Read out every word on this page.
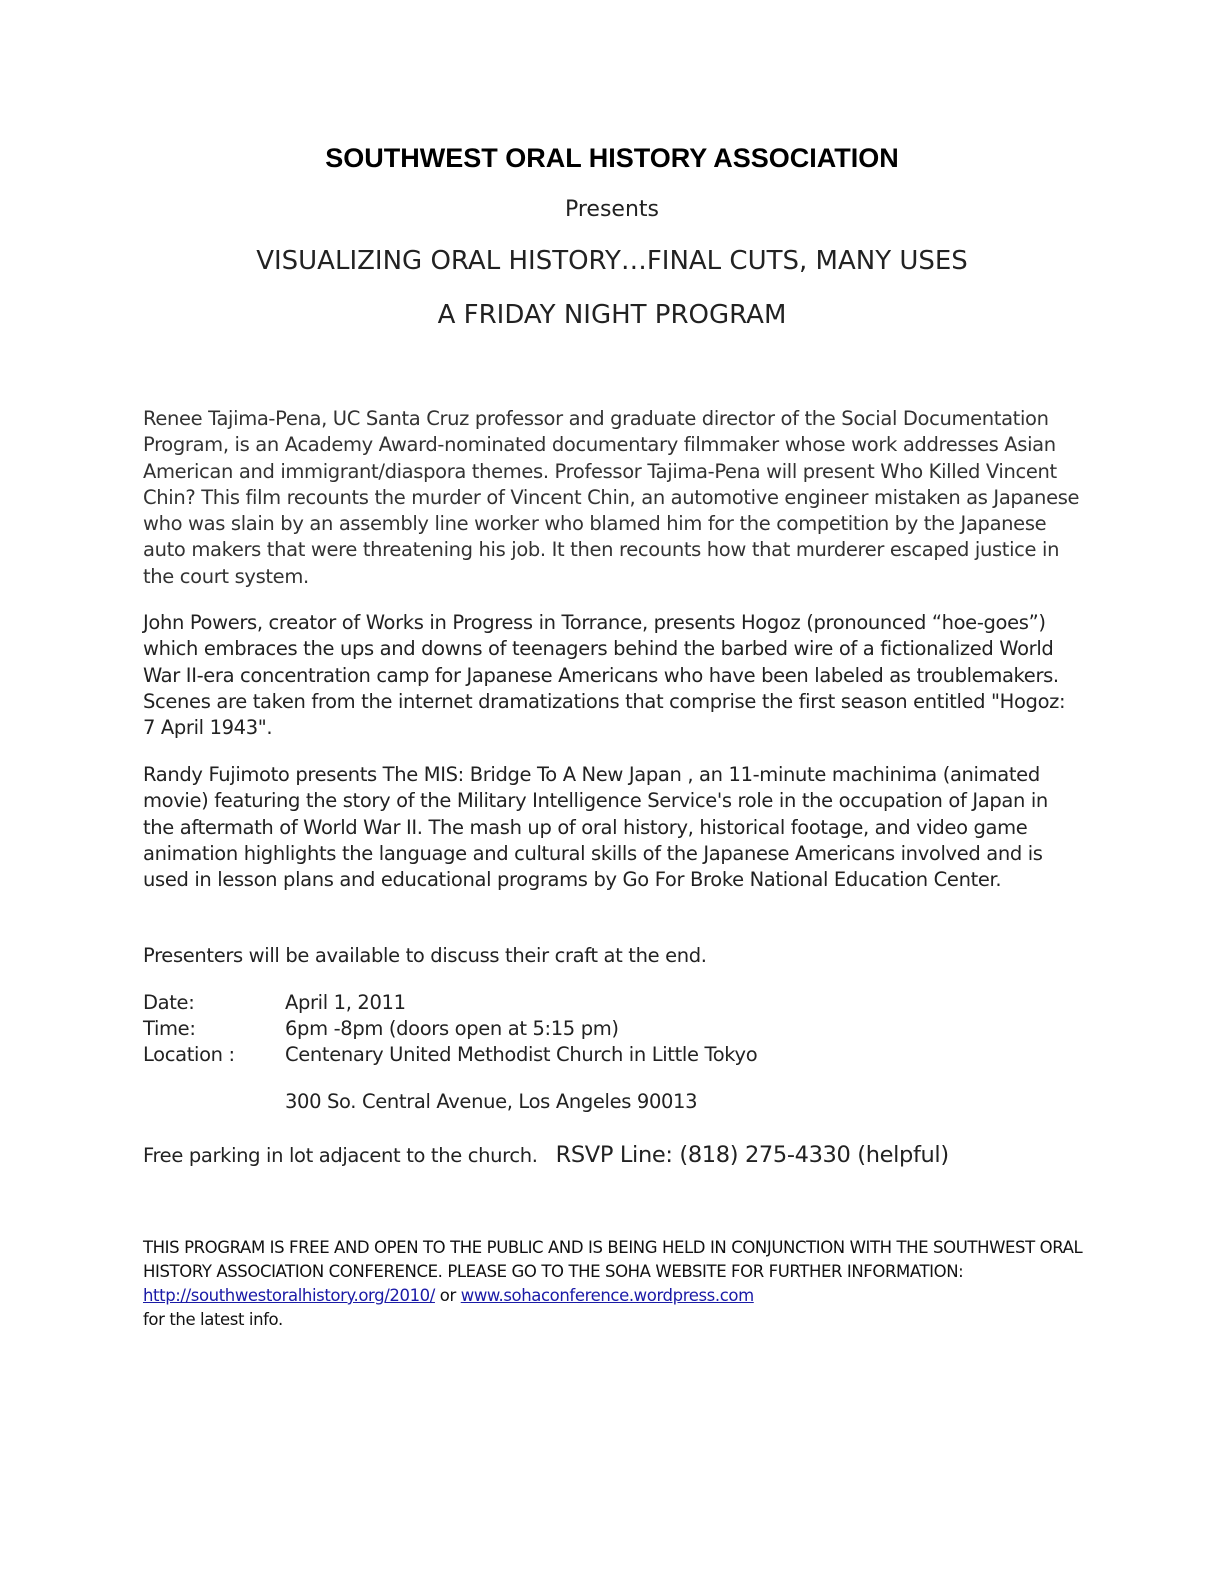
SOUTHWEST ORAL HISTORY ASSOCIATION
Presents
VISUALIZING ORAL HISTORY…FINAL CUTS, MANY USES
A FRIDAY NIGHT PROGRAM

Renee Tajima-Pena, UC Santa Cruz professor and graduate director of the Social Documentation Program, is an Academy Award-nominated documentary filmmaker whose work addresses Asian American and immigrant/diaspora themes. Professor Tajima-Pena will present Who Killed Vincent Chin? This film recounts the murder of Vincent Chin, an automotive engineer mistaken as Japanese who was slain by an assembly line worker who blamed him for the competition by the Japanese auto makers that were threatening his job. It then recounts how that murderer escaped justice in the court system.

John Powers, creator of Works in Progress in Torrance, presents Hogoz (pronounced “hoe-goes”) which embraces the ups and downs of teenagers behind the barbed wire of a fictionalized World War II-era concentration camp for Japanese Americans who have been labeled as troublemakers. Scenes are taken from the internet dramatizations that comprise the first season entitled "Hogoz: 7 April 1943".

Randy Fujimoto presents The MIS: Bridge To A New Japan , an 11-minute machinima (animated movie) featuring the story of the Military Intelligence Service's role in the occupation of Japan in the aftermath of World War II. The mash up of oral history, historical footage, and video game animation highlights the language and cultural skills of the Japanese Americans involved and is used in lesson plans and educational programs by Go For Broke National Education Center.

Presenters will be available to discuss their craft at the end.

Date:	April 1, 2011
Time:	6pm -8pm (doors open at 5:15 pm)
Location :	Centenary United Methodist Church in Little Tokyo
300 So. Central Avenue, Los Angeles 90013
Free parking in lot adjacent to the church. RSVP Line: (818) 275-4330 (helpful)

THIS PROGRAM IS FREE AND OPEN TO THE PUBLIC AND IS BEING HELD IN CONJUNCTION WITH THE SOUTHWEST ORAL HISTORY ASSOCIATION CONFERENCE. PLEASE GO TO THE SOHA WEBSITE FOR FURTHER INFORMATION: http://southwestoralhistory.org/2010/ or www.sohaconference.wordpress.com
for the latest info.
